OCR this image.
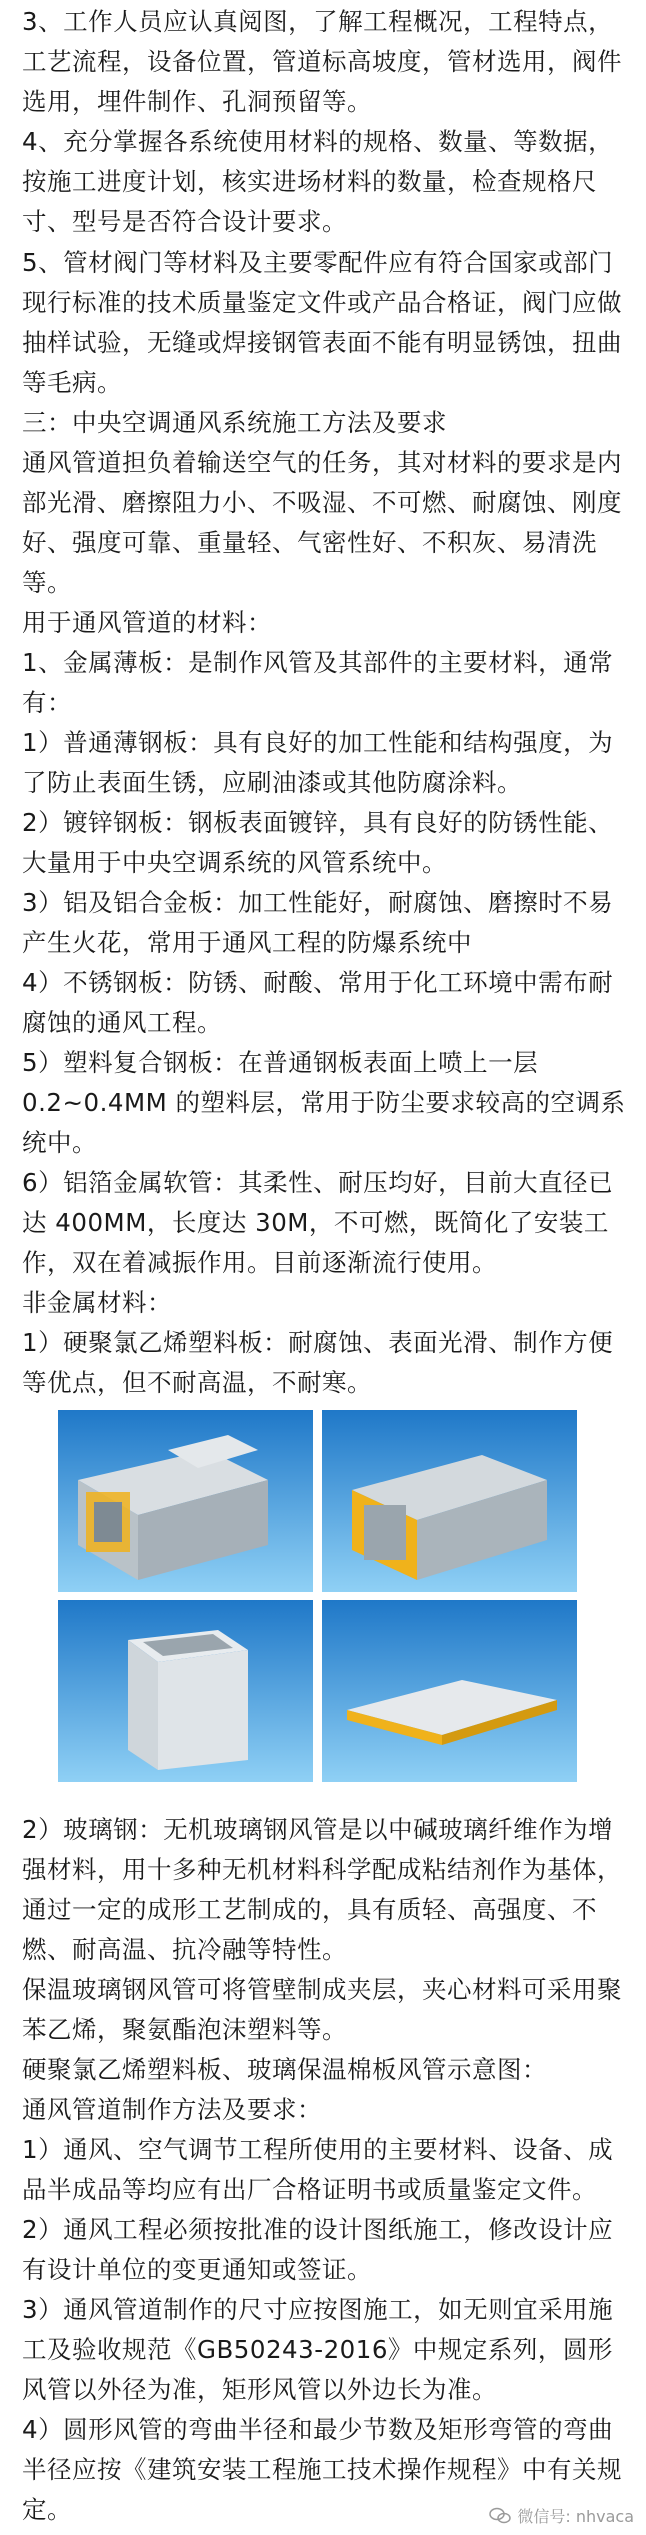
3、工作人员应认真阅图，了解工程概况，工程特点，工艺流程，设备位置，管道标高坡度，管材选用，阀件选用，埋件制作、孔洞预留等。

4、充分掌握各系统使用材料的规格、数量、等数据，按施工进度计划，核实进场材料的数量，检查规格尺寸、型号是否符合设计要求。

5、管材阀门等材料及主要零配件应有符合国家或部门现行标准的技术质量鉴定文件或产品合格证，阀门应做抽样试验，无缝或焊接钢管表面不能有明显锈蚀，扭曲等毛病。

三：中央空调通风系统施工方法及要求

通风管道担负着输送空气的任务，其对材料的要求是内部光滑、磨擦阻力小、不吸湿、不可燃、耐腐蚀、刚度好、强度可靠、重量轻、气密性好、不积灰、易清洗等。

用于通风管道的材料：

1、金属薄板：是制作风管及其部件的主要材料，通常有：

1）普通薄钢板：具有良好的加工性能和结构强度，为了防止表面生锈，应刷油漆或其他防腐涂料。

2）镀锌钢板：钢板表面镀锌，具有良好的防锈性能、大量用于中央空调系统的风管系统中。

3）铝及铝合金板：加工性能好，耐腐蚀、磨擦时不易产生火花，常用于通风工程的防爆系统中

4）不锈钢板：防锈、耐酸、常用于化工环境中需布耐腐蚀的通风工程。

5）塑料复合钢板：在普通钢板表面上喷上一层0.2~0.4MM 的塑料层，常用于防尘要求较高的空调系统中。

6）铝箔金属软管：其柔性、耐压均好，目前大直径已达 400MM，长度达 30M，不可燃，既简化了安装工作，双在着减振作用。目前逐渐流行使用。

非金属材料：

1）硬聚氯乙烯塑料板：耐腐蚀、表面光滑、制作方便等优点，但不耐高温，不耐寒。

2）玻璃钢：无机玻璃钢风管是以中碱玻璃纤维作为增强材料，用十多种无机材料科学配成粘结剂作为基体，通过一定的成形工艺制成的，具有质轻、高强度、不燃、耐高温、抗冷融等特性。

保温玻璃钢风管可将管壁制成夹层，夹心材料可采用聚苯乙烯，聚氨酯泡沫塑料等。

硬聚氯乙烯塑料板、玻璃保温棉板风管示意图：

通风管道制作方法及要求：

1）通风、空气调节工程所使用的主要材料、设备、成品半成品等均应有出厂合格证明书或质量鉴定文件。

2）通风工程必须按批准的设计图纸施工，修改设计应有设计单位的变更通知或签证。

3）通风管道制作的尺寸应按图施工，如无则宜采用施工及验收规范《GB50243-2016》中规定系列，圆形风管以外径为准，矩形风管以外边长为准。

4）圆形风管的弯曲半径和最少节数及矩形弯管的弯曲半径应按《建筑安装工程施工技术操作规程》中有关规定。	微信号: nhvaca
